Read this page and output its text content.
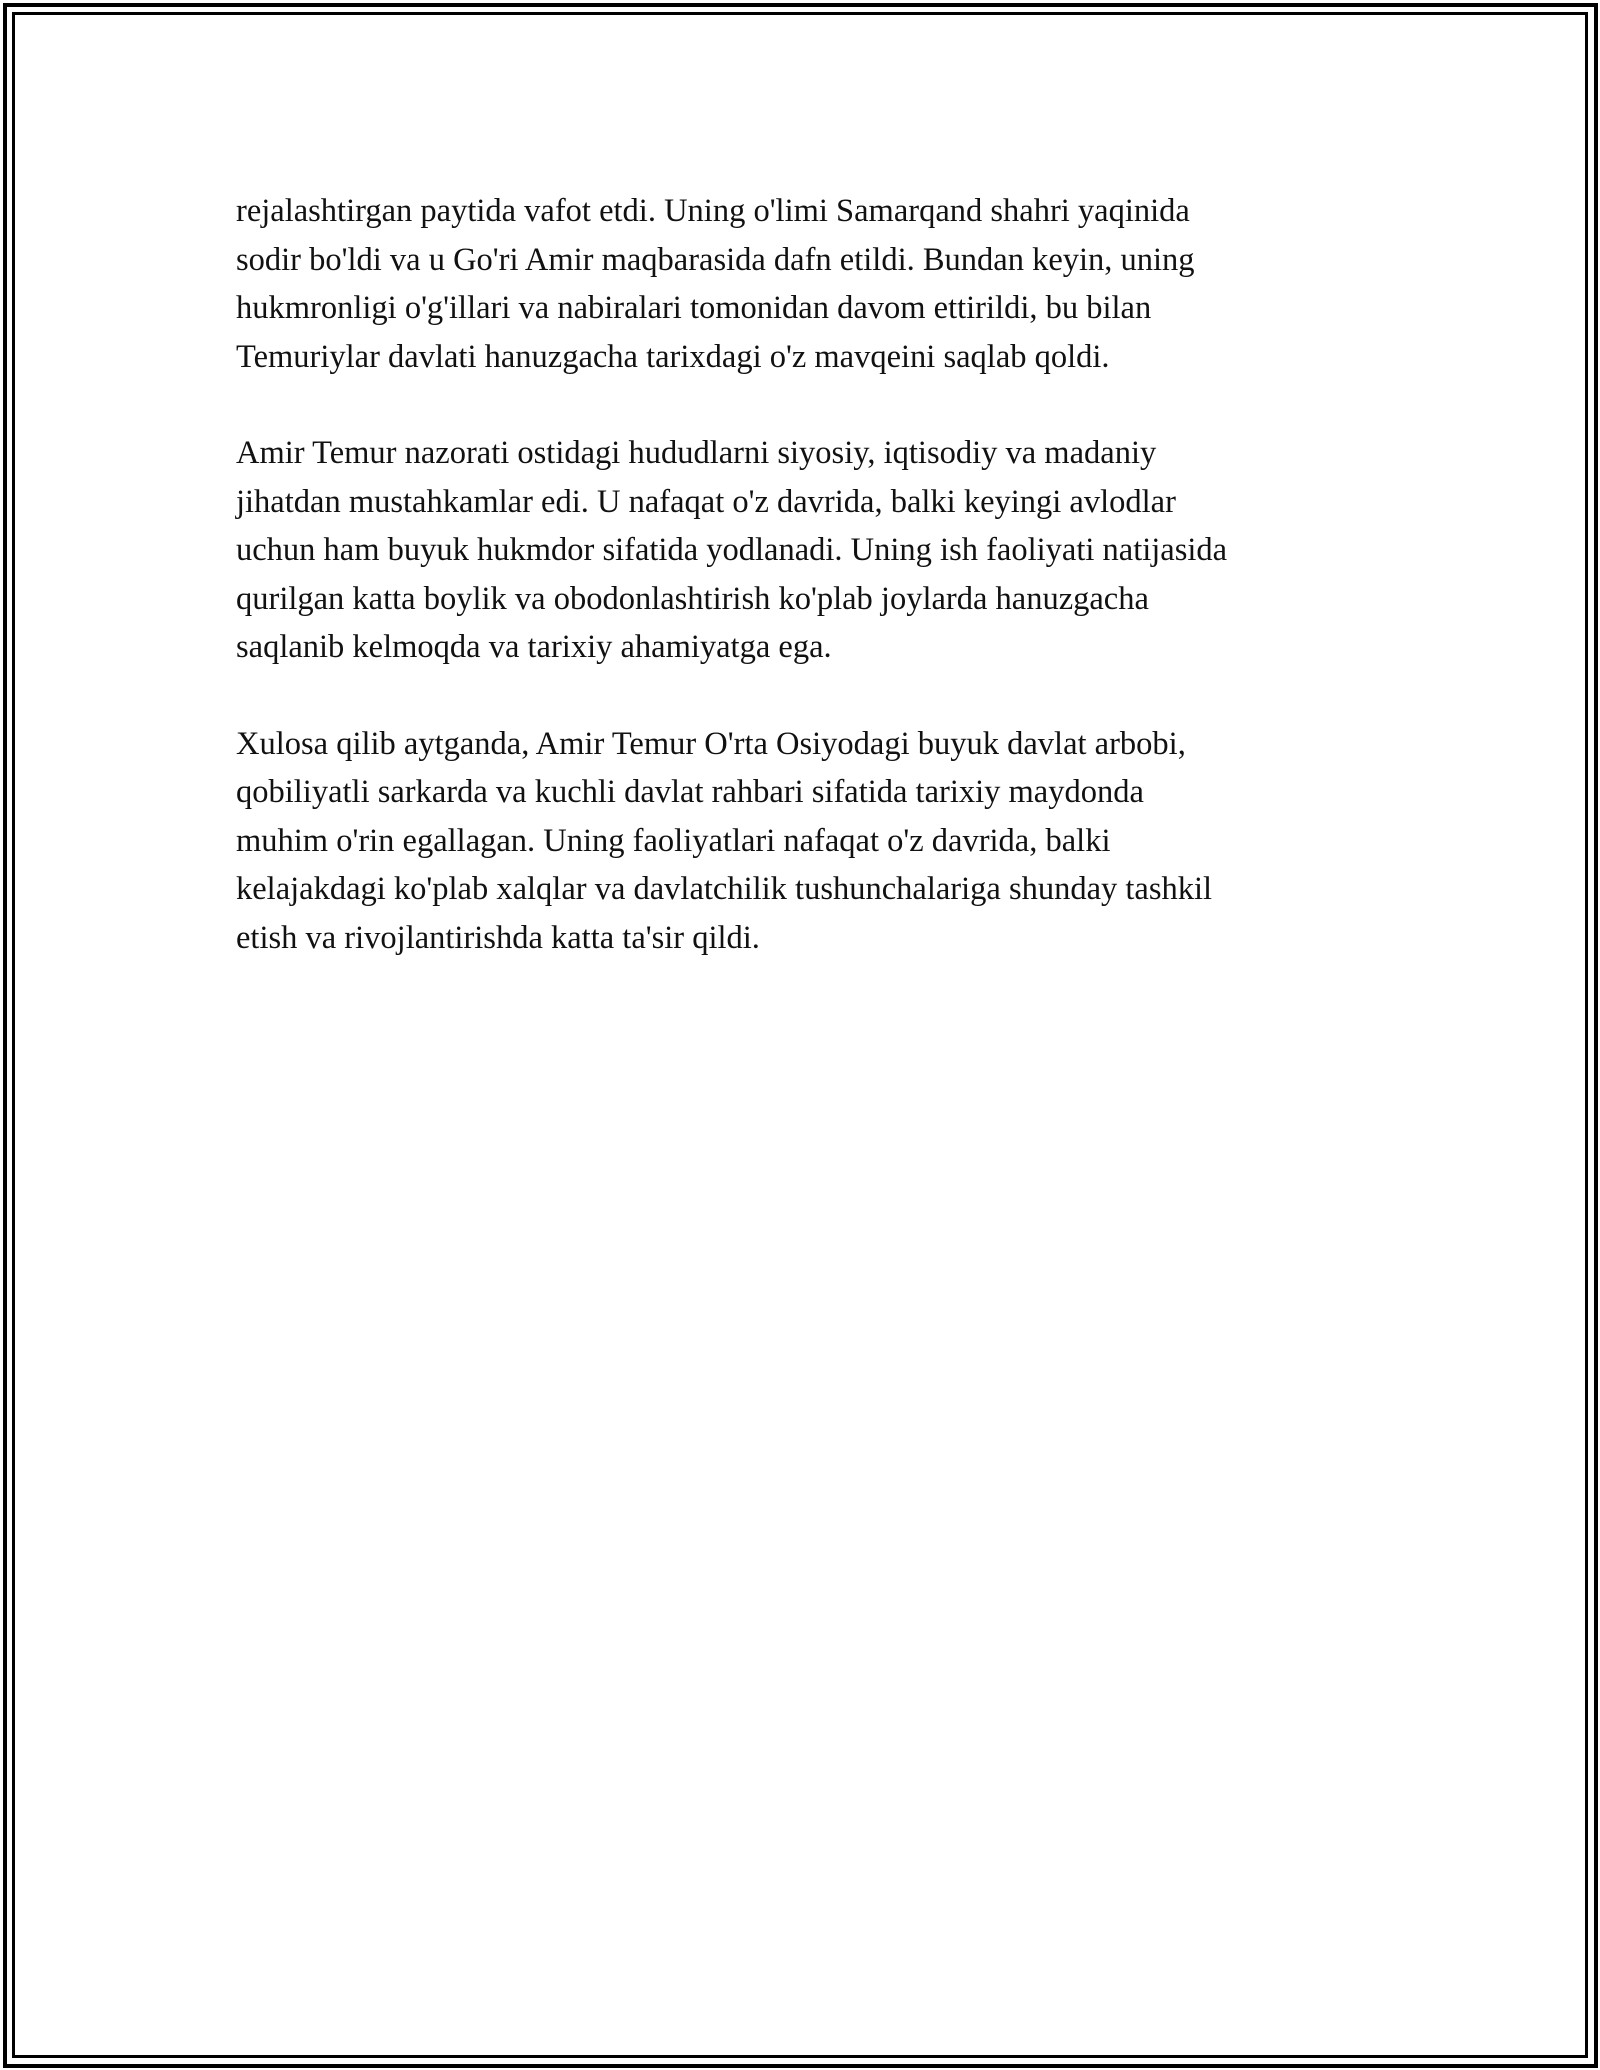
rejalashtirgan paytida vafot etdi. Uning o'limi Samarqand shahri yaqinida
sodir bo'ldi va u Go'ri Amir maqbarasida dafn etildi. Bundan keyin, uning
hukmronligi o'g'illari va nabiralari tomonidan davom ettirildi, bu bilan
Temuriylar davlati hanuzgacha tarixdagi o'z mavqeini saqlab qoldi.

Amir Temur nazorati ostidagi hududlarni siyosiy, iqtisodiy va madaniy
jihatdan mustahkamlar edi. U nafaqat o'z davrida, balki keyingi avlodlar
uchun ham buyuk hukmdor sifatida yodlanadi. Uning ish faoliyati natijasida
qurilgan katta boylik va obodonlashtirish ko'plab joylarda hanuzgacha
saqlanib kelmoqda va tarixiy ahamiyatga ega.

Xulosa qilib aytganda, Amir Temur O'rta Osiyodagi buyuk davlat arbobi,
qobiliyatli sarkarda va kuchli davlat rahbari sifatida tarixiy maydonda
muhim o'rin egallagan. Uning faoliyatlari nafaqat o'z davrida, balki
kelajakdagi ko'plab xalqlar va davlatchilik tushunchalariga shunday tashkil
etish va rivojlantirishda katta ta'sir qildi.
